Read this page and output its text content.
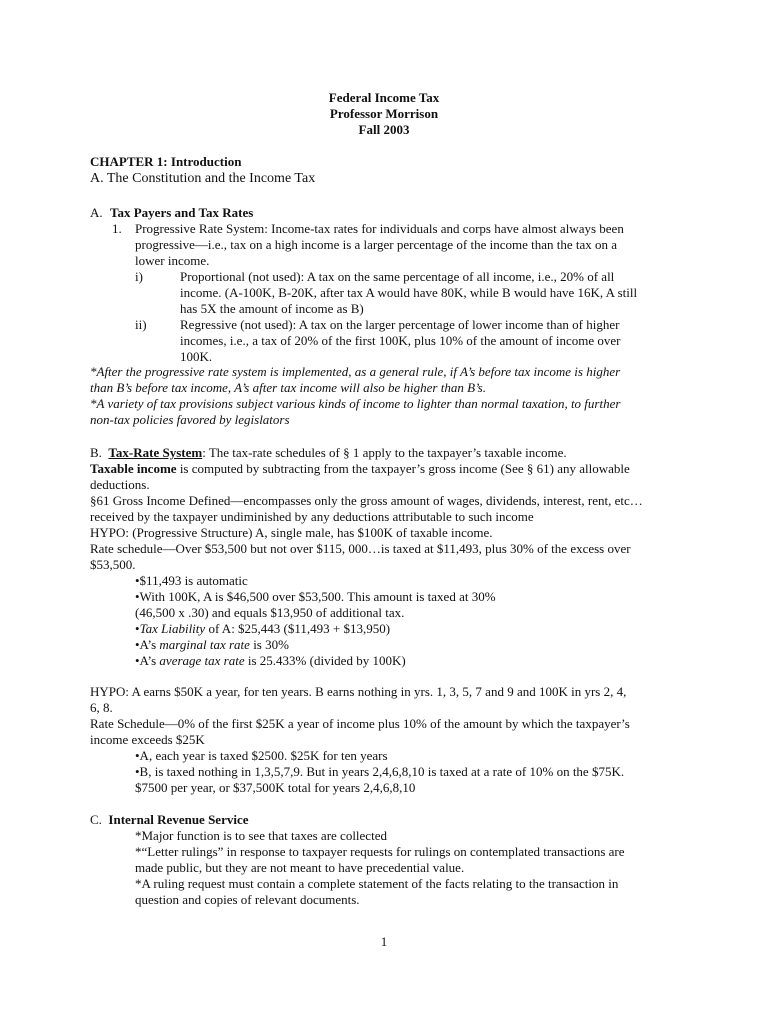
Federal Income Tax

Professor Morrison

Fall 2003

CHAPTER 1: Introduction

A. The Constitution and the Income Tax

A. Tax Payers and Tax Rates

1. Progressive Rate System: Income-tax rates for individuals and corps have almost always been

progressive—i.e., tax on a high income is a larger percentage of the income than the tax on a

lower income.

i)	Proportional (not used): A tax on the same percentage of all income, i.e., 20% of all

income. (A-100K, B-20K, after tax A would have 80K, while B would have 16K, A still

has 5X the amount of income as B)

ii)	Regressive (not used): A tax on the larger percentage of lower income than of higher

incomes, i.e., a tax of 20% of the first 100K, plus 10% of the amount of income over

100K.

*After the progressive rate system is implemented, as a general rule, if A’s before tax income is higher

than B’s before tax income, A’s after tax income will also be higher than B’s.

*A variety of tax provisions subject various kinds of income to lighter than normal taxation, to further

non-tax policies favored by legislators

B. Tax-Rate System: The tax-rate schedules of § 1 apply to the taxpayer’s taxable income.

Taxable income is computed by subtracting from the taxpayer’s gross income (See § 61) any allowable

deductions.

§61 Gross Income Defined—encompasses only the gross amount of wages, dividends, interest, rent, etc…

received by the taxpayer undiminished by any deductions attributable to such income

HYPO: (Progressive Structure) A, single male, has $100K of taxable income.

Rate schedule—Over $53,500 but not over $115, 000…is taxed at $11,493, plus 30% of the excess over

$53,500.

•$11,493 is automatic

•With 100K, A is $46,500 over $53,500. This amount is taxed at 30%

(46,500 x .30) and equals $13,950 of additional tax.

•Tax Liability of A: $25,443 ($11,493 + $13,950)

•A’s marginal tax rate is 30%

•A’s average tax rate is 25.433% (divided by 100K)

HYPO: A earns $50K a year, for ten years. B earns nothing in yrs. 1, 3, 5, 7 and 9 and 100K in yrs 2, 4,

6, 8.

Rate Schedule—0% of the first $25K a year of income plus 10% of the amount by which the taxpayer’s

income exceeds $25K

•A, each year is taxed $2500. $25K for ten years

•B, is taxed nothing in 1,3,5,7,9. But in years 2,4,6,8,10 is taxed at a rate of 10% on the $75K.

$7500 per year, or $37,500K total for years 2,4,6,8,10

C. Internal Revenue Service

*Major function is to see that taxes are collected

*“Letter rulings” in response to taxpayer requests for rulings on contemplated transactions are

made public, but they are not meant to have precedential value.

*A ruling request must contain a complete statement of the facts relating to the transaction in

question and copies of relevant documents.

1
